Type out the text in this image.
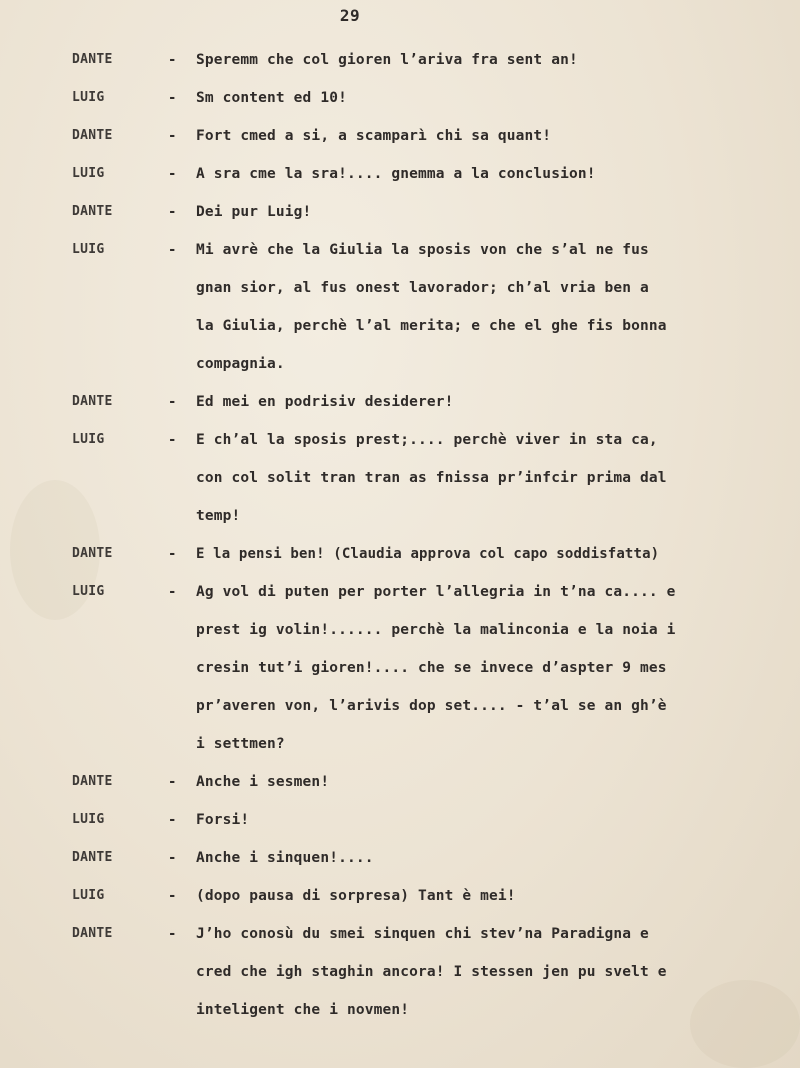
29
DANTE	- Speremm che col gioren l’ariva fra sent an!
LUIG	- Sm content ed 10!
DANTE	- Fort cmed a si, a scamparì chi sa quant!
LUIG	- A sra cme la sra!.... gnemma a la conclusion!
DANTE	- Dei pur Luig!
LUIG	- Mi avrè che la Giulia la sposis von che s’al ne fus
gnan sior, al fus onest lavorador; ch’al vria ben a
la Giulia, perchè l’al merita; e che el ghe fis bonna
compagnia.
DANTE	- Ed mei en podrisiv desiderer!
LUIG	- E ch’al la sposis prest;.... perchè viver in sta ca,
con col solit tran tran as fnissa pr’infcir prima dal
temp!
DANTE	- E la pensi ben! (Claudia approva col capo soddisfatta)
LUIG	- Ag vol di puten per porter l’allegria in t’na ca.... e
prest ig volin!...... perchè la malinconia e la noia i
cresin tut’i gioren!.... che se invece d’aspter 9 mes
pr’averen von, l’arivis dop set.... - t’al se an gh’è
i settmen?
DANTE	- Anche i sesmen!
LUIG	- Forsi!
DANTE	- Anche i sinquen!....
LUIG	- (dopo pausa di sorpresa) Tant è mei!
DANTE	- J’ho conosù du smei sinquen chi stev’na Paradigna e
cred che igh staghin ancora! I stessen jen pu svelt e
inteligent che i novmen!
